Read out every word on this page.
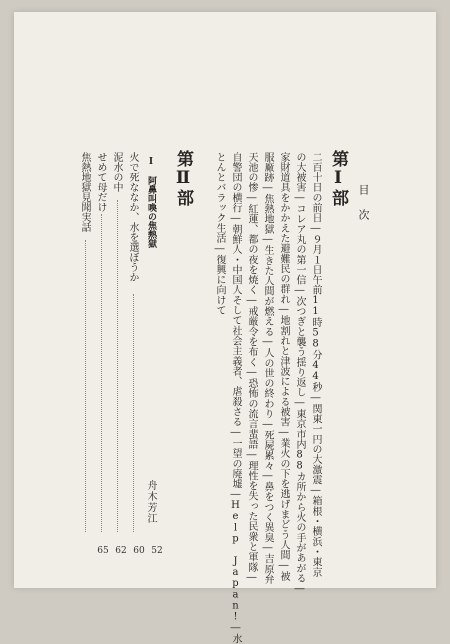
目次
第Ⅰ部
二百十日の前日―９月１日午前11時58分44秒―関東一円の大激震―箱根・横浜・東京
の大被害―コレア丸の第一信―次つぎと襲う揺り返し―東京市内88カ所から火の手があがる―
家財道具をかかえた避難民の群れ―地割れと津波による被害―業火の下を逃げまどう人間―被
服廠跡―焦熱地獄―生きた人間が燃える―人の世の終わり―死屍累々―鼻をつく異臭―吉原弁
天池の惨―紅蓮、都の夜を焼く―戒厳令を布く―恐怖の流言蜚語―理性を失った民衆と軍隊―
自警団の横行―朝鮮人・中国人そして社会主義者、虐殺さる―一望の廃墟―Help Japan!―水
とんとバラック生活―復興に向けて
第Ⅱ部
Ⅰ　阿鼻叫喚の焦熱獄
火で死ななか、水を選ぼうか
舟木芳江
泥水の中
せめて母だけ
焦熱地獄見聞実話
65 62 60 52
